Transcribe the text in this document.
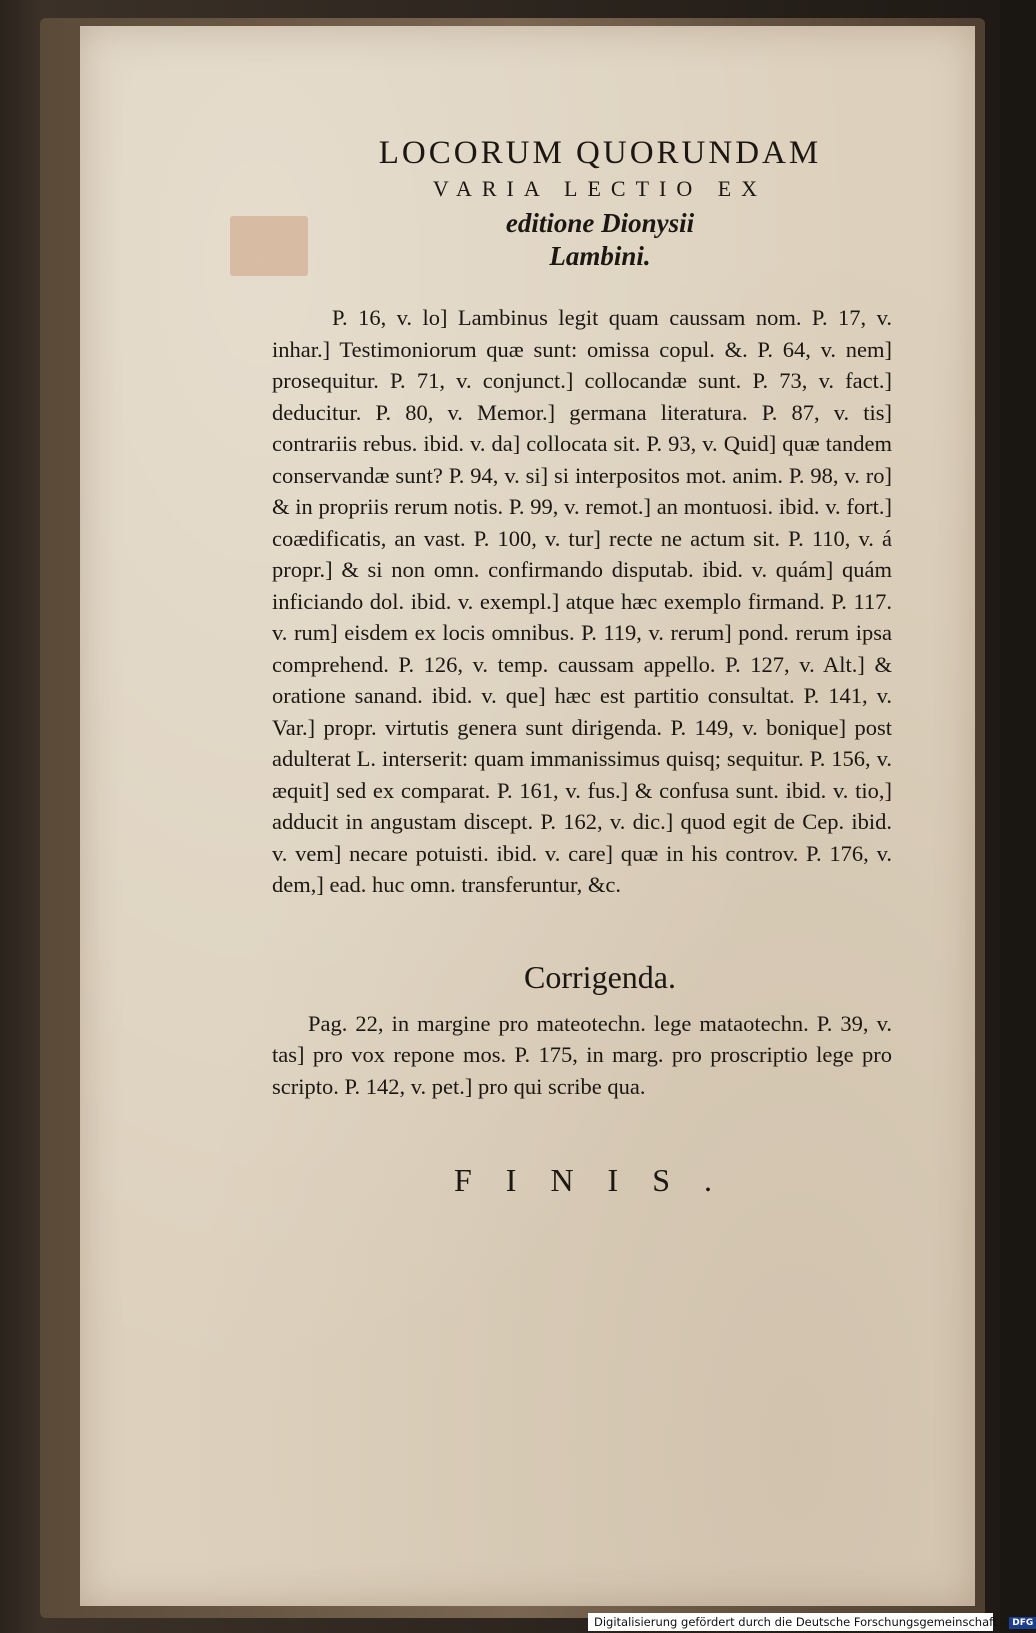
LOCORUM QUORUNDAM
VARIA LECTIO EX
editione Dionysii
Lambini.

P. 16, v. lo] Lambinus legit quam caussam nom. P. 17, v. inhar.] Testimoniorum quæ sunt: omissa copul. &. P. 64, v. nem] prosequitur. P. 71, v. conjunct.] collocandæ sunt. P. 73, v. fact.] deducitur. P. 80, v. Memor.] germana literatura. P. 87, v. tis] contrariis rebus. ibid. v. da] collocata sit. P. 93, v. Quid] quæ tandem conservandæ sunt? P. 94, v. si] si interpositos mot. anim. P. 98, v. ro] & in propriis rerum notis. P. 99, v. remot.] an montuosi. ibid. v. fort.] coædificatis, an vast. P. 100, v. tur] recte ne actum sit. P. 110, v. á propr.] & si non omn. confirmando disputab. ibid. v. quám] quám inficiando dol. ibid. v. exempl.] atque hæc exemplo firmand. P. 117. v. rum] eisdem ex locis omnibus. P. 119, v. rerum] pond. rerum ipsa comprehend. P. 126, v. temp. caussam appello. P. 127, v. Alt.] & oratione sanand. ibid. v. que] hæc est partitio consultat. P. 141, v. Var.] propr. virtutis genera sunt dirigenda. P. 149, v. bonique] post adulterat L. interserit: quam immanissimus quisq; sequitur. P. 156, v. æquit] sed ex comparat. P. 161, v. fus.] & confusa sunt. ibid. v. tio,] adducit in angustam discept. P. 162, v. dic.] quod egit de Cep. ibid. v. vem] necare potuisti. ibid. v. care] quæ in his controv. P. 176, v. dem,] ead. huc omn. transferuntur, &c.

Corrigenda.

Pag. 22, in margine pro mateotechn. lege mataotechn. P. 39, v. tas] pro vox repone mos. P. 175, in marg. pro proscriptio lege pro scripto. P. 142, v. pet.] pro qui scribe qua.

FINIS.
Digitalisierung gefördert durch die Deutsche Forschungsgemeinschaft - DFG
